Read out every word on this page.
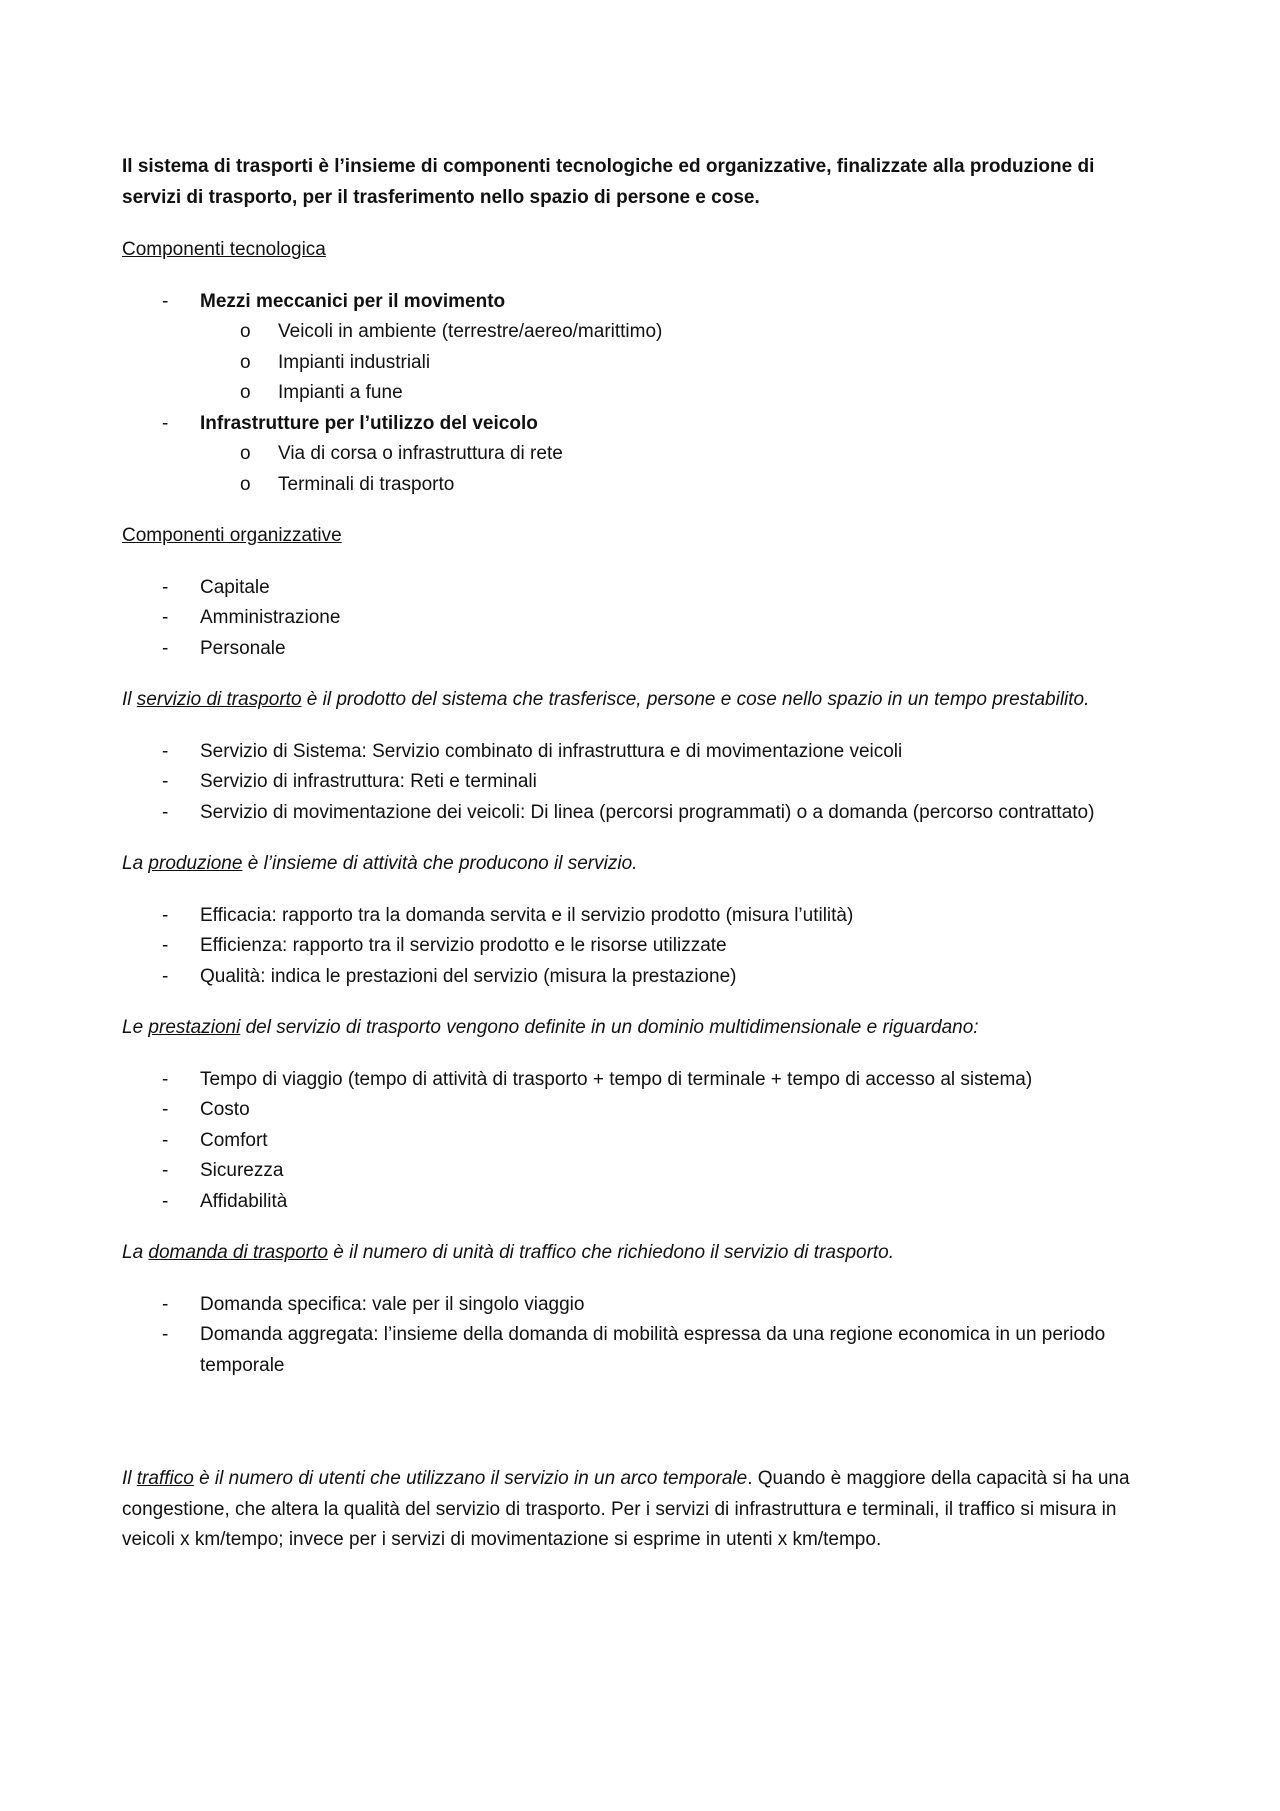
Il sistema di trasporti è l’insieme di componenti tecnologiche ed organizzative, finalizzate alla produzione di servizi di trasporto, per il trasferimento nello spazio di persone e cose.

Componenti tecnologica

- Mezzi meccanici per il movimento
o Veicoli in ambiente (terrestre/aereo/marittimo)
o Impianti industriali
o Impianti a fune
- Infrastrutture per l’utilizzo del veicolo
o Via di corsa o infrastruttura di rete
o Terminali di trasporto

Componenti organizzative

- Capitale
- Amministrazione
- Personale

Il servizio di trasporto è il prodotto del sistema che trasferisce, persone e cose nello spazio in un tempo prestabilito.

- Servizio di Sistema: Servizio combinato di infrastruttura e di movimentazione veicoli
- Servizio di infrastruttura: Reti e terminali
- Servizio di movimentazione dei veicoli: Di linea (percorsi programmati) o a domanda (percorso contrattato)

La produzione è l’insieme di attività che producono il servizio.

- Efficacia: rapporto tra la domanda servita e il servizio prodotto (misura l’utilità)
- Efficienza: rapporto tra il servizio prodotto e le risorse utilizzate
- Qualità: indica le prestazioni del servizio (misura la prestazione)

Le prestazioni del servizio di trasporto vengono definite in un dominio multidimensionale e riguardano:

- Tempo di viaggio (tempo di attività di trasporto + tempo di terminale + tempo di accesso al sistema)
- Costo
- Comfort
- Sicurezza
- Affidabilità

La domanda di trasporto è il numero di unità di traffico che richiedono il servizio di trasporto.

- Domanda specifica: vale per il singolo viaggio
- Domanda aggregata: l’insieme della domanda di mobilità espressa da una regione economica in un periodo temporale

Il traffico è il numero di utenti che utilizzano il servizio in un arco temporale. Quando è maggiore della capacità si ha una congestione, che altera la qualità del servizio di trasporto. Per i servizi di infrastruttura e terminali, il traffico si misura in veicoli x km/tempo; invece per i servizi di movimentazione si esprime in utenti x km/tempo.
